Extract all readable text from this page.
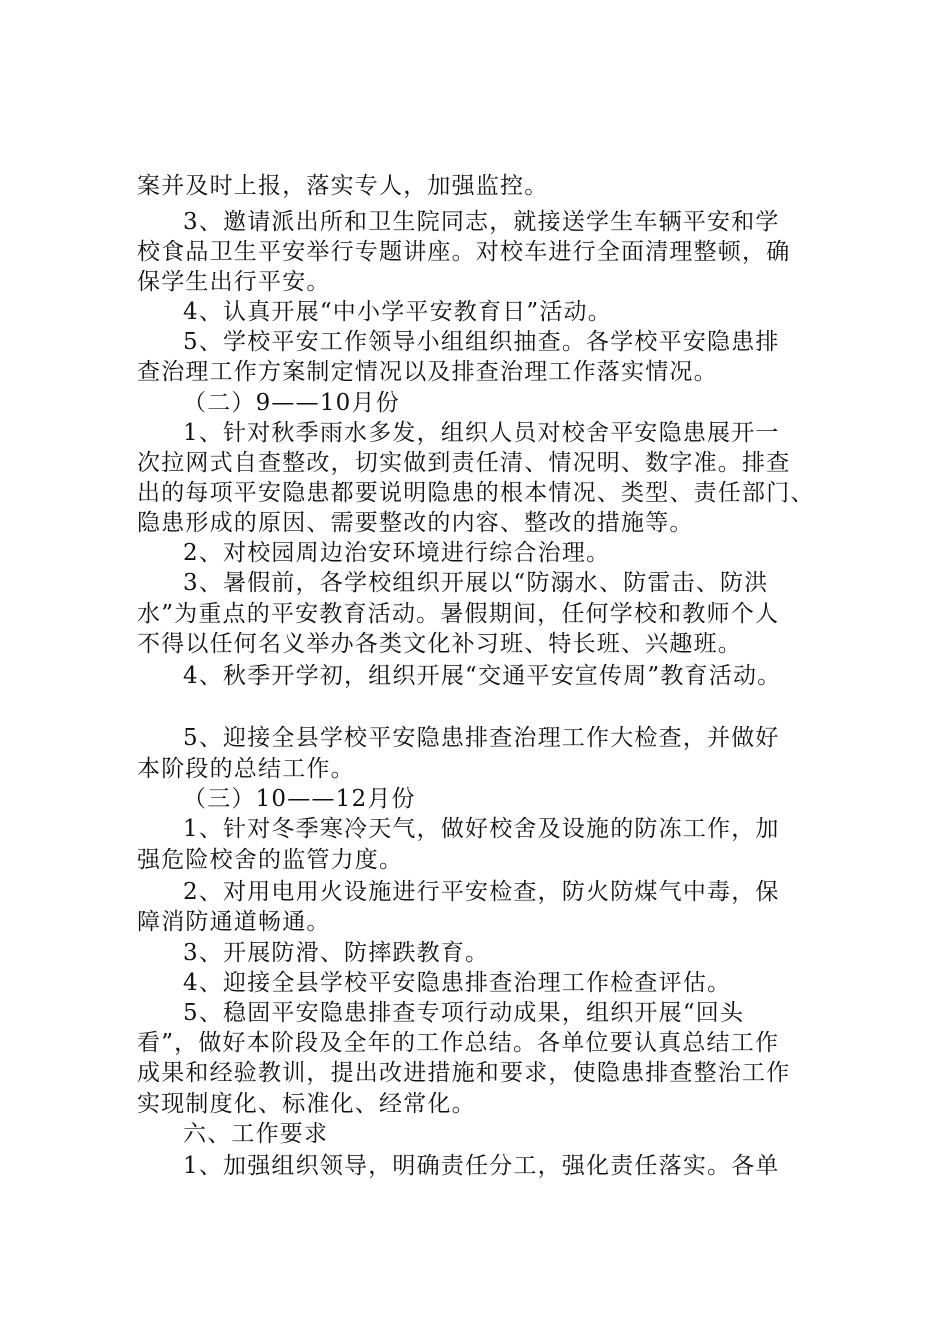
案并及时上报，落实专人，加强监控。
3、邀请派出所和卫生院同志，就接送学生车辆平安和学
校食品卫生平安举行专题讲座。对校车进行全面清理整顿，确
保学生出行平安。
4、认真开展“中小学平安教育日”活动。
5、学校平安工作领导小组组织抽查。各学校平安隐患排
查治理工作方案制定情况以及排查治理工作落实情况。
（二）9——10月份
1、针对秋季雨水多发，组织人员对校舍平安隐患展开一
次拉网式自查整改，切实做到责任清、情况明、数字准。排查
出的每项平安隐患都要说明隐患的根本情况、类型、责任部门、
隐患形成的原因、需要整改的内容、整改的措施等。
2、对校园周边治安环境进行综合治理。
3、暑假前，各学校组织开展以“防溺水、防雷击、防洪
水”为重点的平安教育活动。暑假期间，任何学校和教师个人
不得以任何名义举办各类文化补习班、特长班、兴趣班。
4、秋季开学初，组织开展“交通平安宣传周”教育活动。
5、迎接全县学校平安隐患排查治理工作大检查，并做好
本阶段的总结工作。
（三）10——12月份
1、针对冬季寒冷天气，做好校舍及设施的防冻工作，加
强危险校舍的监管力度。
2、对用电用火设施进行平安检查，防火防煤气中毒，保
障消防通道畅通。
3、开展防滑、防摔跌教育。
4、迎接全县学校平安隐患排查治理工作检查评估。
5、稳固平安隐患排查专项行动成果，组织开展“回头
看”，做好本阶段及全年的工作总结。各单位要认真总结工作
成果和经验教训，提出改进措施和要求，使隐患排查整治工作
实现制度化、标准化、经常化。
六、工作要求
1、加强组织领导，明确责任分工，强化责任落实。各单
